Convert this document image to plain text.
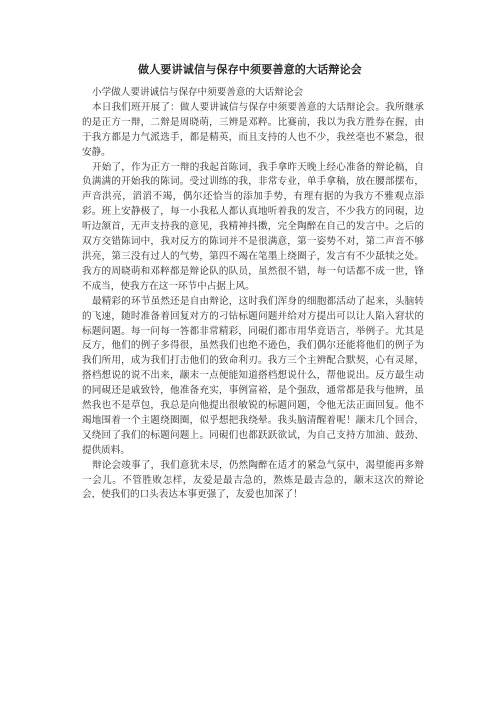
做人要讲诚信与保存中须要善意的大话辩论会

小学做人要讲诚信与保存中须要善意的大话辩论会

本日我们班开展了：做人要讲诚信与保存中须要善意的大话辩论会。我所继承的是正方一辩，二辩是周晓萌，三辨是邓粹。比赛前，我以为我方胜券在握，由于我方都是力气派选手，都是精英，而且支持的人也不少，我丝毫也不紧急，很安静。

开始了，作为正方一辩的我起首陈词，我手拿昨天晚上经心准备的辩论稿，自负满满的开始我的陈词。受过训练的我，非常专业，单手拿稿，放在腰部摆布，声音洪亮，滔滔不竭，偶尔还恰当的添加手势，有理有据的为我方不雅观点添彩。班上安静极了，每一小我私人都认真地听着我的发言，不少我方的同硯，边听边颔首，无声支持我的意见，我精神抖擞，完全陶醉在自己的发言中。之后的双方交错陈词中，我对反方的陈词并不是很满意，第一姿势不对，第二声音不够洪亮，第三没有过人的气势，第四不竭在笔墨上绕圈子，发言有不少舐犊之处。我方的周晓萌和邓粹都是辩论队的队员，虽然很不错，每一句话都不成一世，锋不成当，使我方在这一环节中占据上风。

最精彩的环节虽然还是自由辩论，这时我们浑身的细胞都活动了起来，头脑转的飞速，随时准备着回复对方的刁钻标题问题并给对方提出可以让人陷入窘状的标题问题。每一问每一答都非常精彩，同硯们都市用华竟语言，举例子。尤其是反方，他们的例子多得很，虽然我们也绝不逊色，我们偶尔还能将他们的例子为我们所用，成为我们打击他们的致命利刃。我方三个主辨配合默契，心有灵犀，搭档想说的说不出来，颛末一点便能知道搭档想说什么，帮他说出。反方最生动的同硯还是戚致铃，他准备充实，事例富裕，是个强敌，通常都是我与他辨，虽然我也不是草包，我总是向他提出很敏锐的标题问题，令他无法正面回复。他不竭地围着一个主题绕圈圈，似乎想把我绕晕。我头脑清醒着呢！颛末几个回合，又绕回了我们的标题问题上。同硯们也都跃跃欲试，为自己支持方加油、鼓劲、提供质料。

辩论会竣事了，我们意犹未尽，仍然陶醉在适才的紧急气氛中，渴望能再多辩一会儿。不管胜败怎样，友爱是最吉急的，熬炼是最吉急的，颛末这次的辩论会，使我们的口头表达本事更强了，友爱也加深了！
